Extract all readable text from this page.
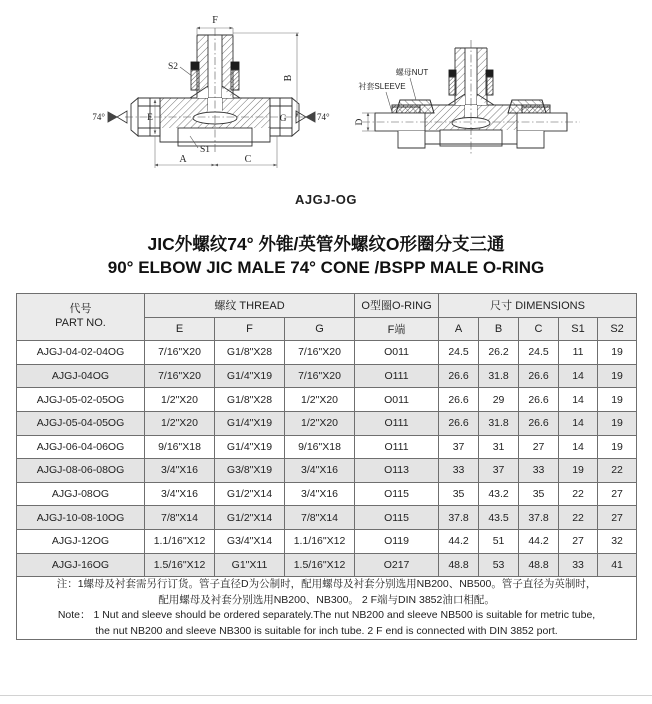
F
B
S2
S1
E	G
74°	74°
A	C
D
螺母NUT
衬套SLEEVE
AJGJ-OG
JIC外螺纹74° 外锥/英管外螺纹O形圈分支三通
90° ELBOW JIC MALE 74° CONE /BSPP MALE O-RING
代号
PART NO.	螺纹 THREAD			O型圈O-RING	尺寸 DIMENSIONS				
	E	F	G	F端	A	B	C	S1	S2
AJGJ-04-02-04OG	7/16"X20	G1/8"X28	7/16"X20	O011	24.5	26.2	24.5	11	19
AJGJ-04OG	7/16"X20	G1/4"X19	7/16"X20	O111	26.6	31.8	26.6	14	19
AJGJ-05-02-05OG	1/2"X20	G1/8"X28	1/2"X20	O011	26.6	29	26.6	14	19
AJGJ-05-04-05OG	1/2"X20	G1/4"X19	1/2"X20	O111	26.6	31.8	26.6	14	19
AJGJ-06-04-06OG	9/16"X18	G1/4"X19	9/16"X18	O111	37	31	27	14	19
AJGJ-08-06-08OG	3/4"X16	G3/8"X19	3/4"X16	O113	33	37	33	19	22
AJGJ-08OG	3/4"X16	G1/2"X14	3/4"X16	O115	35	43.2	35	22	27
AJGJ-10-08-10OG	7/8"X14	G1/2"X14	7/8"X14	O115	37.8	43.5	37.8	22	27
AJGJ-12OG	1.1/16"X12	G3/4"X14	1.1/16"X12	O119	44.2	51	44.2	27	32
AJGJ-16OG	1.5/16"X12	G1"X11	1.5/16"X12	O217	48.8	53	48.8	33	41

注：1螺母及衬套需另行订货。管子直径D为公制时，配用螺母及衬套分别选用NB200、NB500。管子直径为英制时，
配用螺母及衬套分别选用NB200、NB300。 2 F端与DIN 3852油口相配。
Note： 1 Nut and sleeve should be ordered separately.The nut NB200 and sleeve NB500 is suitable for metric tube,
the nut NB200 and sleeve NB300 is suitable for inch tube. 2 F end is connected with DIN 3852 port.									
